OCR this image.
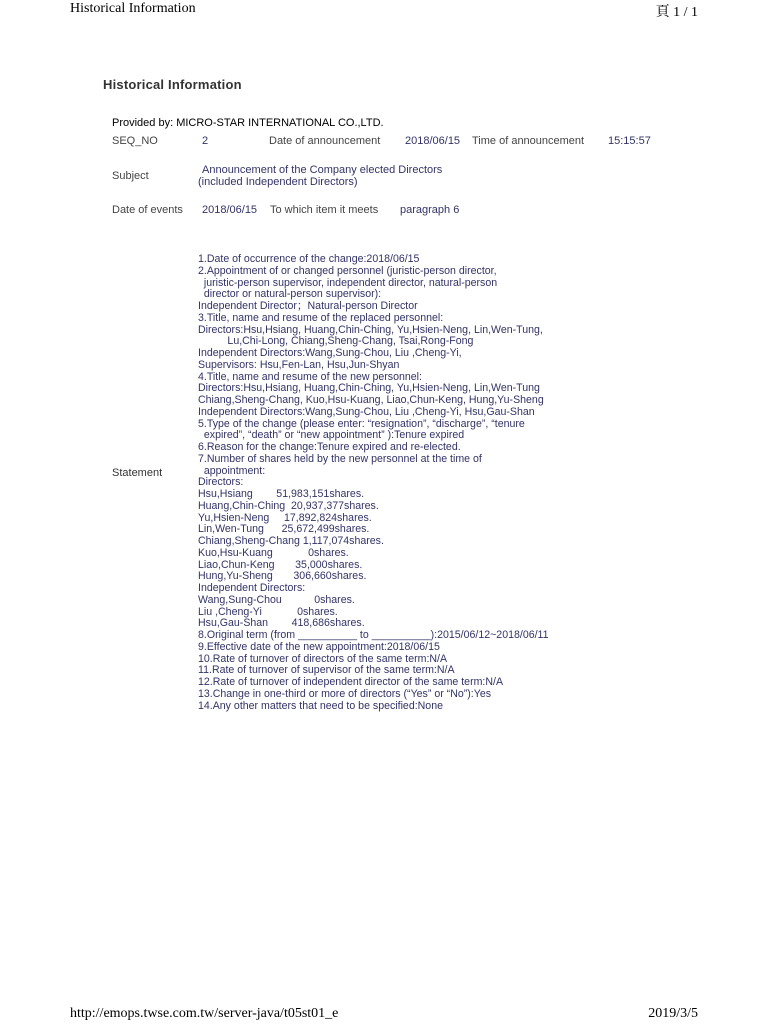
Historical Information	頁 1 / 1
Historical Information
Provided by: MICRO-STAR INTERNATIONAL CO.,LTD.
SEQ_NO	2	Date of announcement 2018/06/15 Time of announcement 15:15:57
Subject	Announcement of the Company elected Directors
(included Independent Directors)
Date of events 2018/06/15 To which item it meets paragraph 6
Statement
1.Date of occurrence of the change:2018/06/15
2.Appointment of or changed personnel (juristic-person director,
juristic-person supervisor, independent director, natural-person
director or natural-person supervisor):
Independent Director；Natural-person Director
3.Title, name and resume of the replaced personnel:
Directors:Hsu,Hsiang, Huang,Chin-Ching, Yu,Hsien-Neng, Lin,Wen-Tung,
Lu,Chi-Long, Chiang,Sheng-Chang, Tsai,Rong-Fong
Independent Directors:Wang,Sung-Chou, Liu ,Cheng-Yi,
Supervisors: Hsu,Fen-Lan, Hsu,Jun-Shyan
4.Title, name and resume of the new personnel:
Directors:Hsu,Hsiang, Huang,Chin-Ching, Yu,Hsien-Neng, Lin,Wen-Tung
Chiang,Sheng-Chang, Kuo,Hsu-Kuang, Liao,Chun-Keng, Hung,Yu-Sheng
Independent Directors:Wang,Sung-Chou, Liu ,Cheng-Yi, Hsu,Gau-Shan
5.Type of the change (please enter: “resignation”, “discharge”, “tenure
expired”, “death” or “new appointment” ):Tenure expired
6.Reason for the change:Tenure expired and re-elected.
7.Number of shares held by the new personnel at the time of
appointment:
Directors:
Hsu,Hsiang        51,983,151shares.
Huang,Chin-Ching  20,937,377shares.
Yu,Hsien-Neng     17,892,824shares.
Lin,Wen-Tung      25,672,499shares.
Chiang,Sheng-Chang 1,117,074shares.
Kuo,Hsu-Kuang            0shares.
Liao,Chun-Keng       35,000shares.
Hung,Yu-Sheng       306,660shares.
Independent Directors:
Wang,Sung-Chou           0shares.
Liu ,Cheng-Yi            0shares.
Hsu,Gau-Shan        418,686shares.
8.Original term (from __________ to __________):2015/06/12~2018/06/11
9.Effective date of the new appointment:2018/06/15
10.Rate of turnover of directors of the same term:N/A
11.Rate of turnover of supervisor of the same term:N/A
12.Rate of turnover of independent director of the same term:N/A
13.Change in one-third or more of directors (“Yes” or “No”):Yes
14.Any other matters that need to be specified:None

http://emops.twse.com.tw/server-java/t05st01_e	2019/3/5
